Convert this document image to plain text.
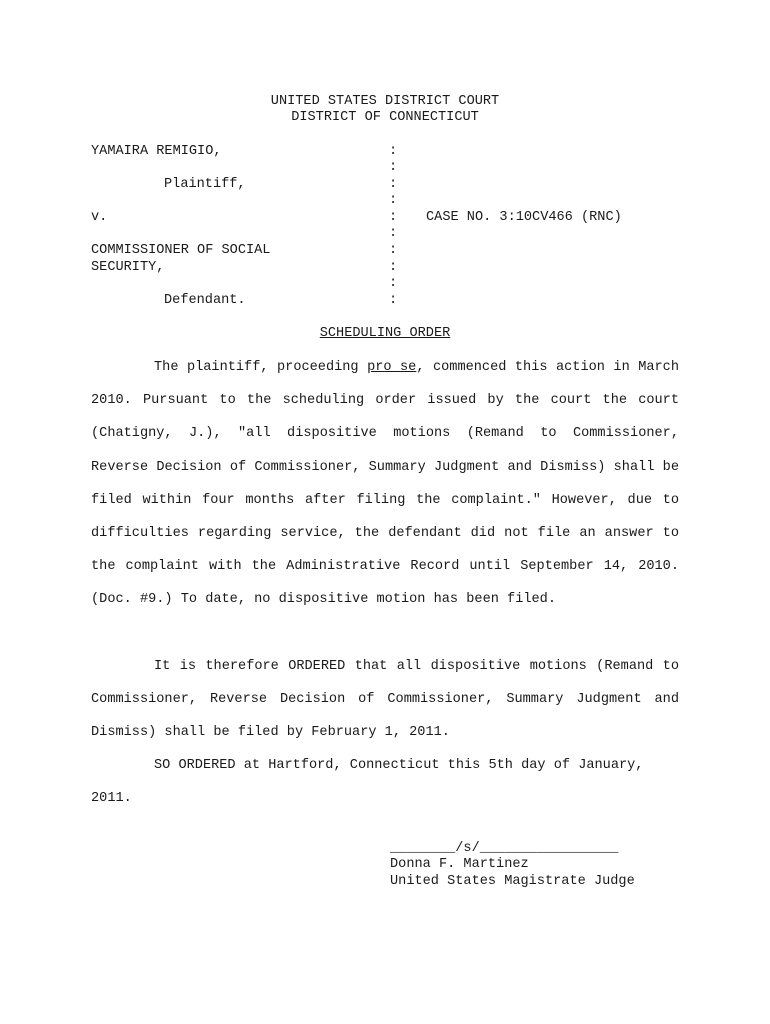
UNITED STATES DISTRICT COURT
DISTRICT OF CONNECTICUT
YAMAIRA REMIGIO,
Plaintiff,
v.
COMMISSIONER OF SOCIAL
SECURITY,
Defendant.
:
:
:
:
:
:
:
:
:
:
CASE NO. 3:10CV466 (RNC)
SCHEDULING ORDER
The plaintiff, proceeding pro se, commenced this action in March 2010. Pursuant to the scheduling order issued by the court the court (Chatigny, J.), "all dispositive motions (Remand to Commissioner, Reverse Decision of Commissioner, Summary Judgment and Dismiss) shall be filed within four months after filing the complaint." However, due to difficulties regarding service, the defendant did not file an answer to the complaint with the Administrative Record until September 14, 2010. (Doc. #9.) To date, no dispositive motion has been filed.
It is therefore ORDERED that all dispositive motions (Remand to Commissioner, Reverse Decision of Commissioner, Summary Judgment and Dismiss) shall be filed by February 1, 2011.
SO ORDERED at Hartford, Connecticut this 5th day of January, 2011.
________/s/_________________
Donna F. Martinez
United States Magistrate Judge
